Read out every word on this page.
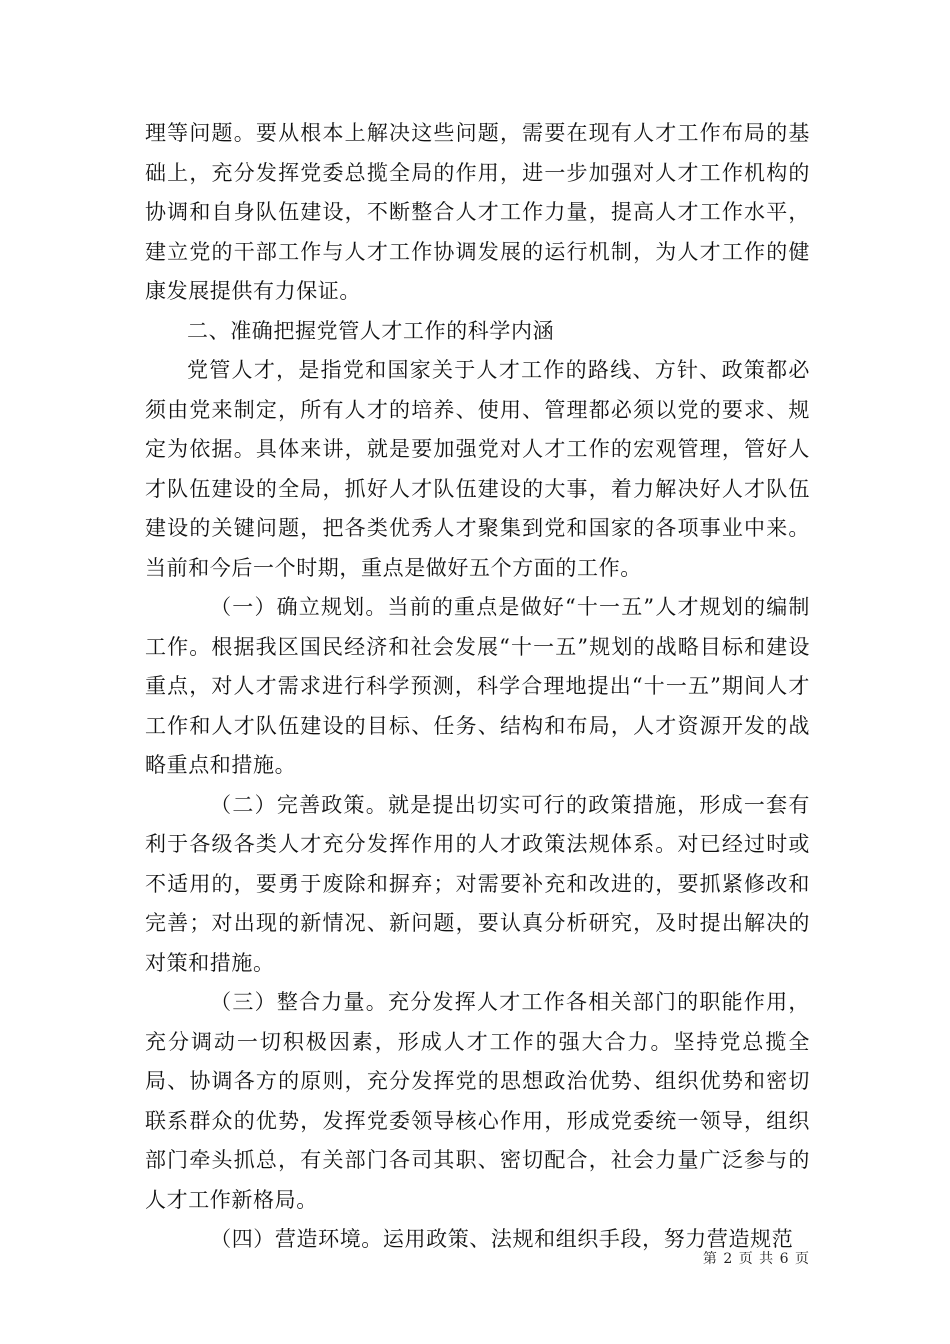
理等问题。要从根本上解决这些问题，需要在现有人才工作布局的基础上，充分发挥党委总揽全局的作用，进一步加强对人才工作机构的协调和自身队伍建设，不断整合人才工作力量，提高人才工作水平，建立党的干部工作与人才工作协调发展的运行机制，为人才工作的健康发展提供有力保证。

二、准确把握党管人才工作的科学内涵

党管人才，是指党和国家关于人才工作的路线、方针、政策都必须由党来制定，所有人才的培养、使用、管理都必须以党的要求、规定为依据。具体来讲，就是要加强党对人才工作的宏观管理，管好人才队伍建设的全局，抓好人才队伍建设的大事，着力解决好人才队伍建设的关键问题，把各类优秀人才聚集到党和国家的各项事业中来。当前和今后一个时期，重点是做好五个方面的工作。

（一）确立规划。当前的重点是做好“十一五”人才规划的编制工作。根据我区国民经济和社会发展“十一五”规划的战略目标和建设重点，对人才需求进行科学预测，科学合理地提出“十一五”期间人才工作和人才队伍建设的目标、任务、结构和布局，人才资源开发的战略重点和措施。

（二）完善政策。就是提出切实可行的政策措施，形成一套有利于各级各类人才充分发挥作用的人才政策法规体系。对已经过时或不适用的，要勇于废除和摒弃；对需要补充和改进的，要抓紧修改和完善；对出现的新情况、新问题，要认真分析研究，及时提出解决的对策和措施。

（三）整合力量。充分发挥人才工作各相关部门的职能作用，充分调动一切积极因素，形成人才工作的强大合力。坚持党总揽全局、协调各方的原则，充分发挥党的思想政治优势、组织优势和密切联系群众的优势，发挥党委领导核心作用，形成党委统一领导，组织部门牵头抓总，有关部门各司其职、密切配合，社会力量广泛参与的人才工作新格局。

（四）营造环境。运用政策、法规和组织手段，努力营造规范

第 2 页 共 6 页
